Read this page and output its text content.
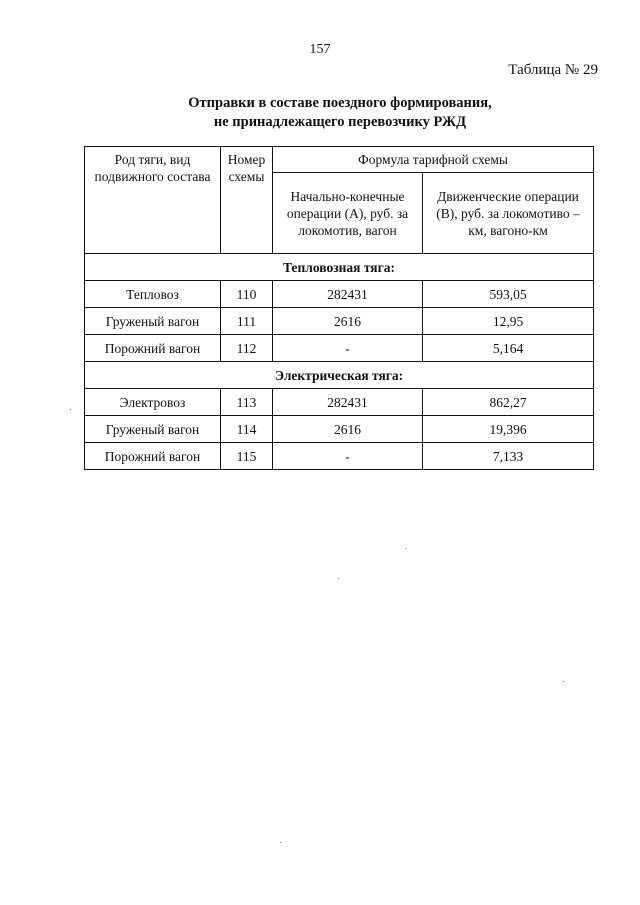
157
Таблица № 29
Отправки в составе поездного формирования,
не принадлежащего перевозчику РЖД
Род тяги, вид подвижного состава	Номер схемы	Формула тарифной схемы	
		Начально-конечные операции (А), руб. за локомотив, вагон	Движенческие операции (В), руб. за локомотиво – км, вагоно-км
Тепловозная тяга:			
Тепловоз	110	282431	593,05
Груженый вагон	111	2616	12,95
Порожний вагон	112	-	5,164
Электрическая тяга:			
Электровоз	113	282431	862,27
Груженый вагон	114	2616	19,396
Порожний вагон	115	-	7,133
